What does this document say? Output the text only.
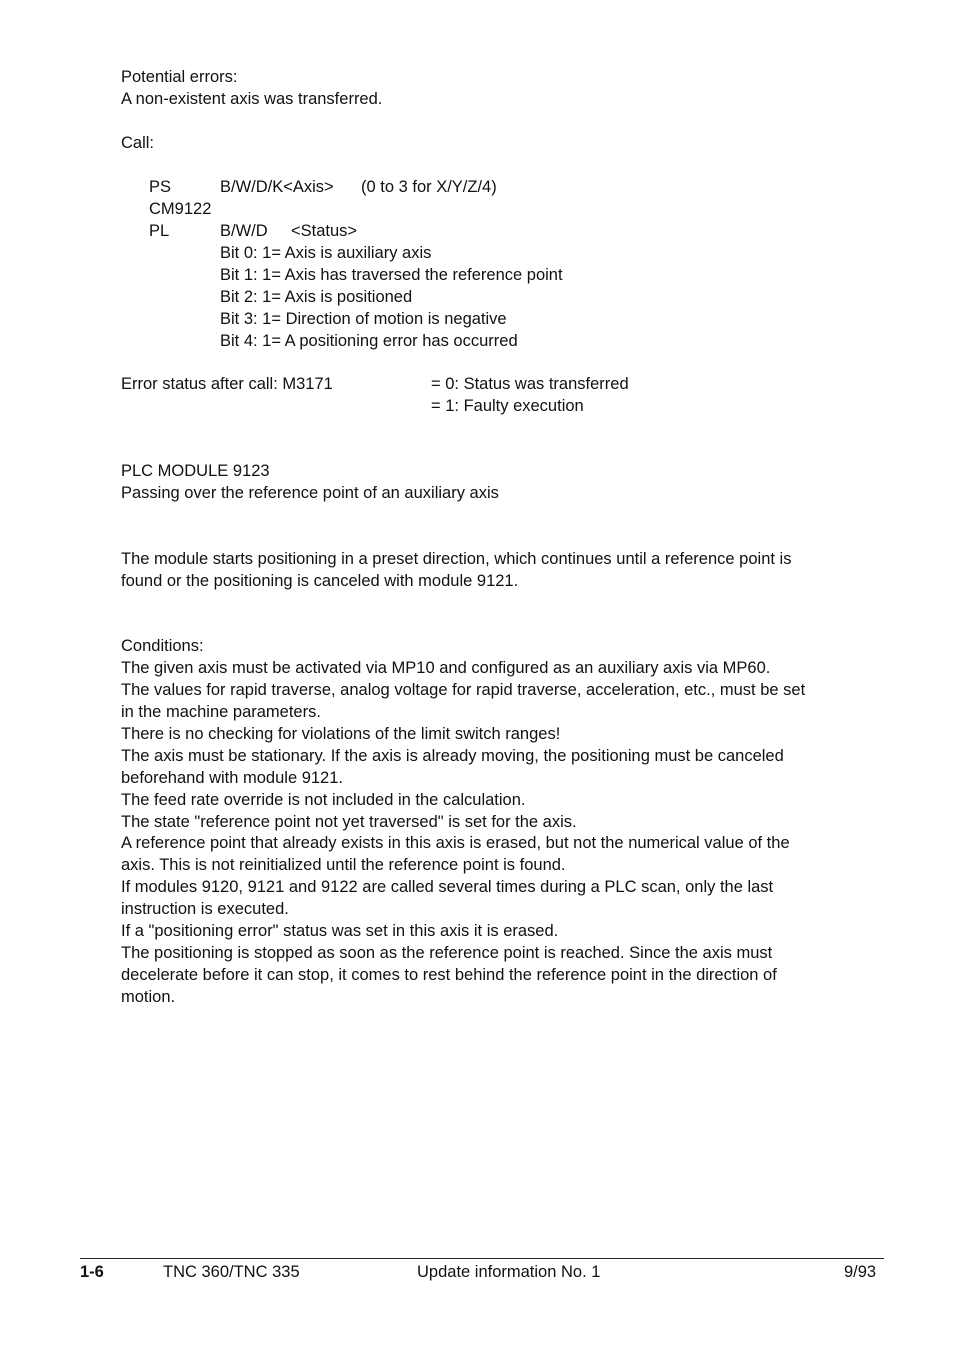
Potential errors:
A non-existent axis was transferred.
Call:
PS	B/W/D/K<Axis> (0 to 3 for X/Y/Z/4)
CM9122
PL	B/W/D <Status>
Bit 0: 1= Axis is auxiliary axis
Bit 1: 1= Axis has traversed the reference point
Bit 2: 1= Axis is positioned
Bit 3: 1= Direction of motion is negative
Bit 4: 1= A positioning error has occurred
Error status after call: M3171	= 0: Status was transferred
= 1: Faulty execution
PLC MODULE 9123
Passing over the reference point of an auxiliary axis
The module starts positioning in a preset direction, which continues until a reference point is
found or the positioning is canceled with module 9121.
Conditions:
The given axis must be activated via MP10 and configured as an auxiliary axis via MP60.
The values for rapid traverse, analog voltage for rapid traverse, acceleration, etc., must be set
in the machine parameters.
There is no checking for violations of the limit switch ranges!
The axis must be stationary. If the axis is already moving, the positioning must be canceled
beforehand with module 9121.
The feed rate override is not included in the calculation.
The state "reference point not yet traversed" is set for the axis.
A reference point that already exists in this axis is erased, but not the numerical value of the
axis. This is not reinitialized until the reference point is found.
If modules 9120, 9121 and 9122 are called several times during a PLC scan, only the last
instruction is executed.
If a "positioning error" status was set in this axis it is erased.
The positioning is stopped as soon as the reference point is reached. Since the axis must
decelerate before it can stop, it comes to rest behind the reference point in the direction of
motion.
1-6	TNC 360/TNC 335	Update information No. 1	9/93
